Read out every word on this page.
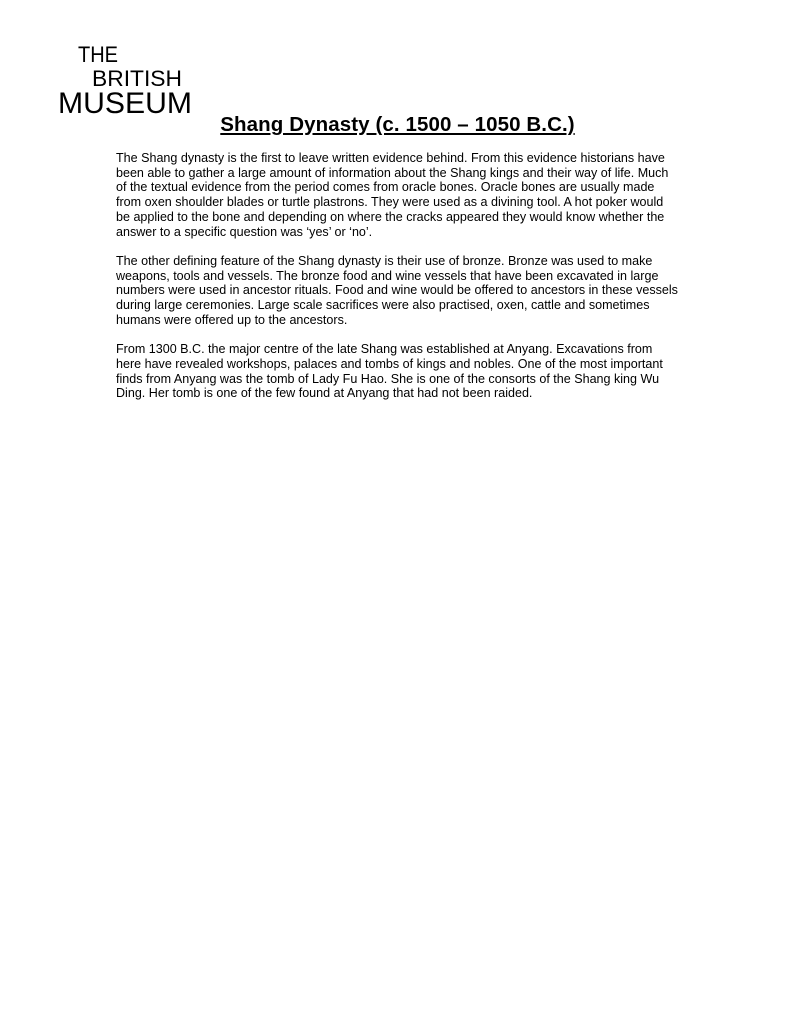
THE
BRITISH
MUSEUM
Shang Dynasty (c. 1500 – 1050 B.C.)

The Shang dynasty is the first to leave written evidence behind. From this evidence historians have been able to gather a large amount of information about the Shang kings and their way of life. Much of the textual evidence from the period comes from oracle bones. Oracle bones are usually made from oxen shoulder blades or turtle plastrons. They were used as a divining tool. A hot poker would be applied to the bone and depending on where the cracks appeared they would know whether the answer to a specific question was ‘yes’ or ‘no’.

The other defining feature of the Shang dynasty is their use of bronze. Bronze was used to make weapons, tools and vessels. The bronze food and wine vessels that have been excavated in large numbers were used in ancestor rituals. Food and wine would be offered to ancestors in these vessels during large ceremonies. Large scale sacrifices were also practised, oxen, cattle and sometimes humans were offered up to the ancestors.

From 1300 B.C. the major centre of the late Shang was established at Anyang. Excavations from here have revealed workshops, palaces and tombs of kings and nobles. One of the most important finds from Anyang was the tomb of Lady Fu Hao. She is one of the consorts of the Shang king Wu Ding. Her tomb is one of the few found at Anyang that had not been raided.
